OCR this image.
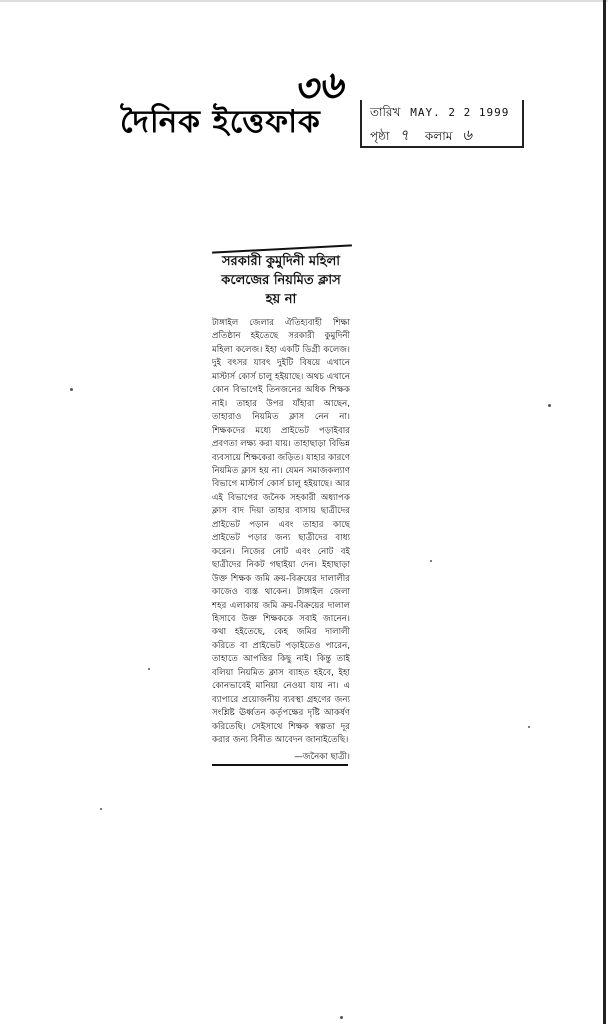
৩৬
দৈনিক ইত্তেফাক	তারিখ MAY. 2 2 1999
পৃষ্ঠা ৭ কলাম ৬
সরকারী কুমুদিনী মহিলা কলেজের নিয়মিত ক্লাস হয় না

টাঙ্গাইল জেলার ঐতিহ্যবাহী শিক্ষা প্রতিষ্ঠান হইতেছে সরকারী কুমুদিনী মহিলা কলেজ। ইহা একটি ডিগ্রী কলেজ। দুই বৎসর যাবৎ দুইটি বিষয়ে এখানে মাস্টার্স কোর্স চালু হইয়াছে। অথচ এখানে কোন বিভাগেই তিনজনের অধিক শিক্ষক নাই। তাহার উপর যাঁহারা আছেন, তাহারাও নিয়মিত ক্লাস নেন না। শিক্ষকদের মধ্যে প্রাইভেট পড়াইবার প্রবণতা লক্ষ্য করা যায়। তাহাছাড়া বিভিন্ন ব্যবসায়ে শিক্ষকেরা জড়িত। যাহার কারণে নিয়মিত ক্লাস হয় না। যেমন সমাজকল্যাণ বিভাগে মাস্টার্স কোর্স চালু হইয়াছে। আর এই বিভাগের জনৈক সহকারী অধ্যাপক ক্লাস বাদ দিয়া তাহার বাসায় ছাত্রীদের প্রাইভেট পড়ান এবং তাহার কাছে প্রাইভেট পড়ার জন্য ছাত্রীদের বাধ্য করেন। নিজের নোট এবং নোট বই ছাত্রীদের নিকট গছাইয়া দেন। ইহাছাড়া উক্ত শিক্ষক জমি ক্রয়-বিক্রয়ের দালালীর কাজেও ব্যস্ত থাকেন। টাঙ্গাইল জেলা শহর এলাকায় জমি ক্রয়-বিক্রয়ের দালাল হিসাবে উক্ত শিক্ষককে সবাই জানেন। কথা হইতেছে, কেহ জমির দালালী করিতে বা প্রাইভেট পড়াইতেও পারেন, তাহাতে আপত্তির কিছু নাই। কিন্তু তাই বলিয়া নিয়মিত ক্লাস ব্যাহত হইবে, ইহা কোনভাবেই মানিয়া নেওয়া যায় না। এ ব্যাপারে প্রয়োজনীয় ব্যবস্থা গ্রহণের জন্য সংশ্লিষ্ট ঊর্ধ্বতন কর্তৃপক্ষের দৃষ্টি আকর্ষণ করিতেছি। সেইসাথে শিক্ষক স্বল্পতা দূর করার জন্য বিনীত আবেদন জানাইতেছি।

—জনৈকা ছাত্রী।
